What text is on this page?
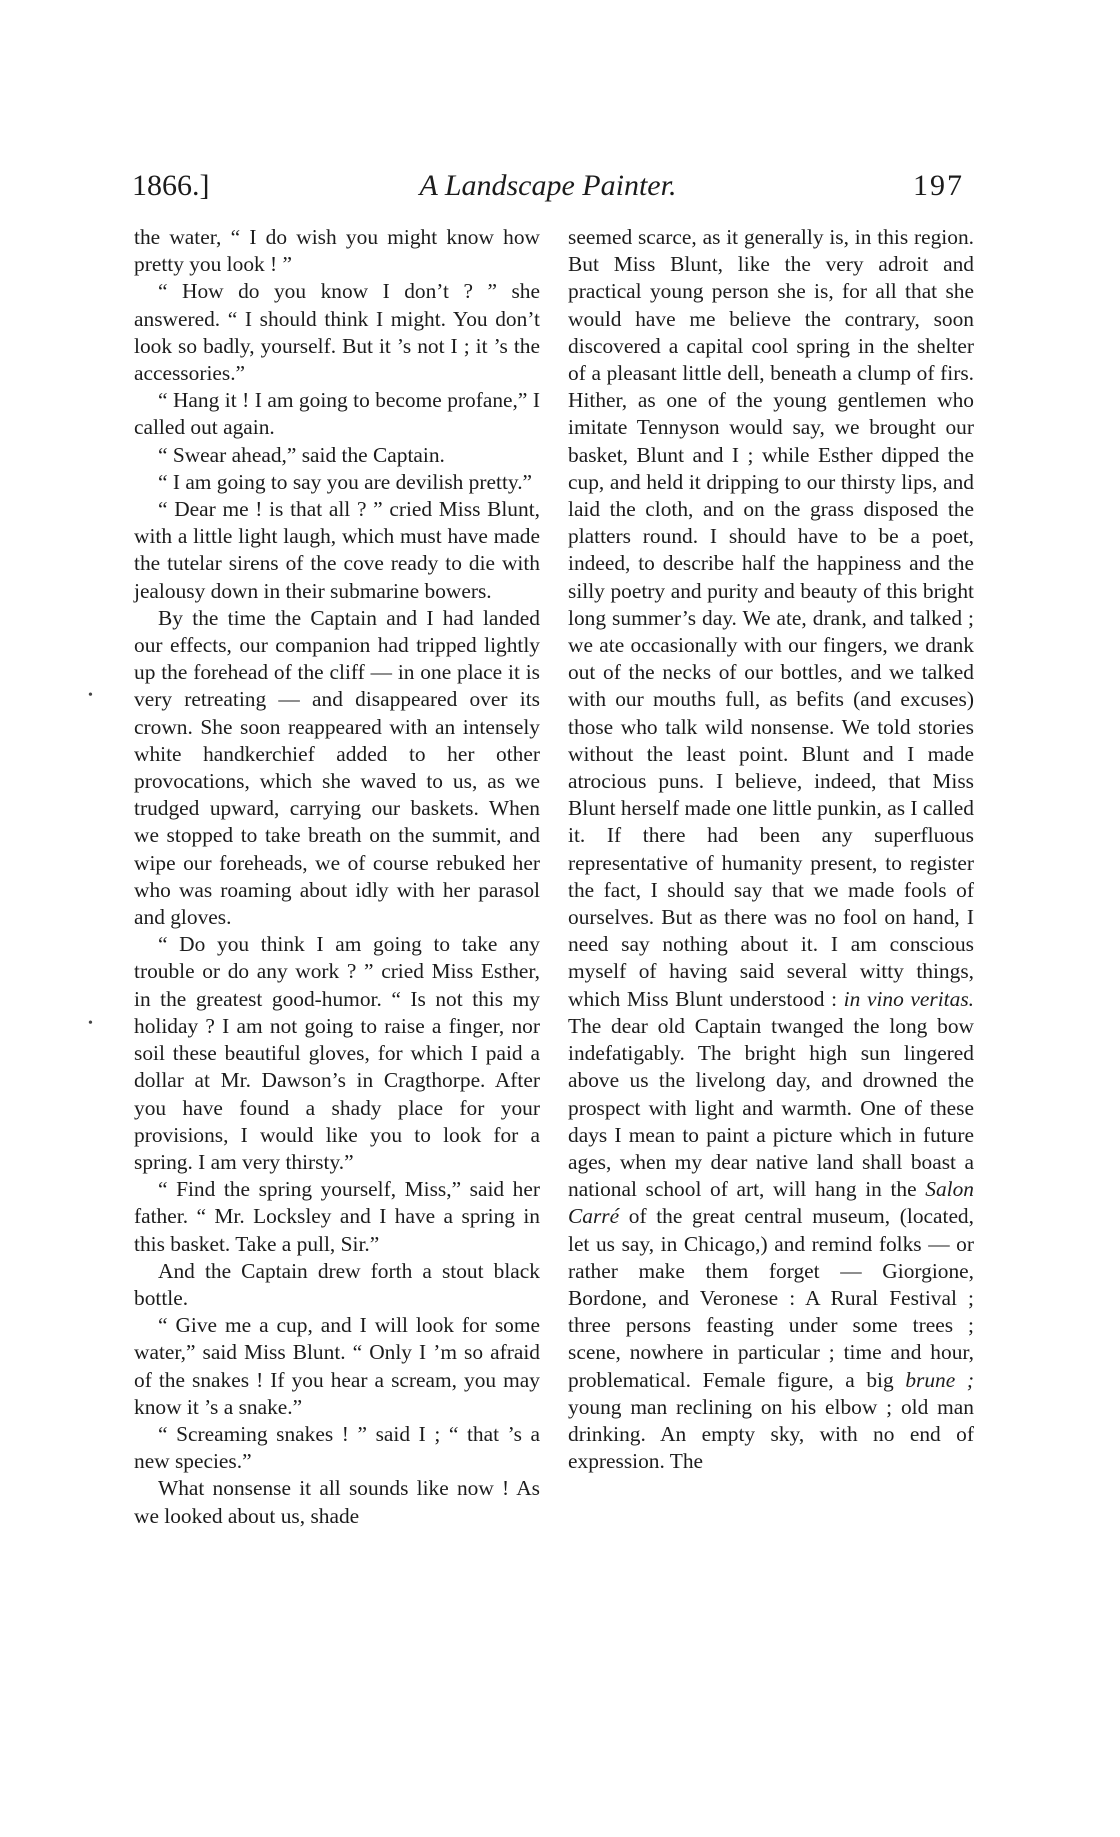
1866.]	A Landscape Painter.	197

the water, “ I do wish you might know how pretty you look ! ”

“ How do you know I don’t ? ” she answered. “ I should think I might. You don’t look so badly, yourself. But it ’s not I ; it ’s the accessories.”

“ Hang it ! I am going to become profane,” I called out again.

“ Swear ahead,” said the Captain.

“ I am going to say you are devilish pretty.”

“ Dear me ! is that all ? ” cried Miss Blunt, with a little light laugh, which must have made the tutelar sirens of the cove ready to die with jealousy down in their submarine bowers.

By the time the Captain and I had landed our effects, our companion had tripped lightly up the forehead of the cliff — in one place it is very retreating — and disappeared over its crown. She soon reappeared with an intensely white handkerchief added to her other provocations, which she waved to us, as we trudged upward, carrying our baskets. When we stopped to take breath on the summit, and wipe our foreheads, we of course rebuked her who was roaming about idly with her parasol and gloves.

“ Do you think I am going to take any trouble or do any work ? ” cried Miss Esther, in the greatest good-humor. “ Is not this my holiday ? I am not going to raise a finger, nor soil these beautiful gloves, for which I paid a dollar at Mr. Dawson’s in Cragthorpe. After you have found a shady place for your provisions, I would like you to look for a spring. I am very thirsty.”

“ Find the spring yourself, Miss,” said her father. “ Mr. Locksley and I have a spring in this basket. Take a pull, Sir.”

And the Captain drew forth a stout black bottle.

“ Give me a cup, and I will look for some water,” said Miss Blunt. “ Only I ’m so afraid of the snakes ! If you hear a scream, you may know it ’s a snake.”

“ Screaming snakes ! ” said I ; “ that ’s a new species.”

What nonsense it all sounds like now ! As we looked about us, shade

seemed scarce, as it generally is, in this region. But Miss Blunt, like the very adroit and practical young person she is, for all that she would have me believe the contrary, soon discovered a capital cool spring in the shelter of a pleasant little dell, beneath a clump of firs. Hither, as one of the young gentlemen who imitate Tennyson would say, we brought our basket, Blunt and I ; while Esther dipped the cup, and held it dripping to our thirsty lips, and laid the cloth, and on the grass disposed the platters round. I should have to be a poet, indeed, to describe half the happiness and the silly poetry and purity and beauty of this bright long summer’s day. We ate, drank, and talked ; we ate occasionally with our fingers, we drank out of the necks of our bottles, and we talked with our mouths full, as befits (and excuses) those who talk wild nonsense. We told stories without the least point. Blunt and I made atrocious puns. I believe, indeed, that Miss Blunt herself made one little punkin, as I called it. If there had been any superfluous representative of humanity present, to register the fact, I should say that we made fools of ourselves. But as there was no fool on hand, I need say nothing about it. I am conscious myself of having said several witty things, which Miss Blunt understood : in vino veritas. The dear old Captain twanged the long bow indefatigably. The bright high sun lingered above us the livelong day, and drowned the prospect with light and warmth. One of these days I mean to paint a picture which in future ages, when my dear native land shall boast a national school of art, will hang in the Salon Carré of the great central museum, (located, let us say, in Chicago,) and remind folks — or rather make them forget — Giorgione, Bordone, and Veronese : A Rural Festival ; three persons feasting under some trees ; scene, nowhere in particular ; time and hour, problematical. Female figure, a big brune ; young man reclining on his elbow ; old man drinking. An empty sky, with no end of expression. The

•
•
